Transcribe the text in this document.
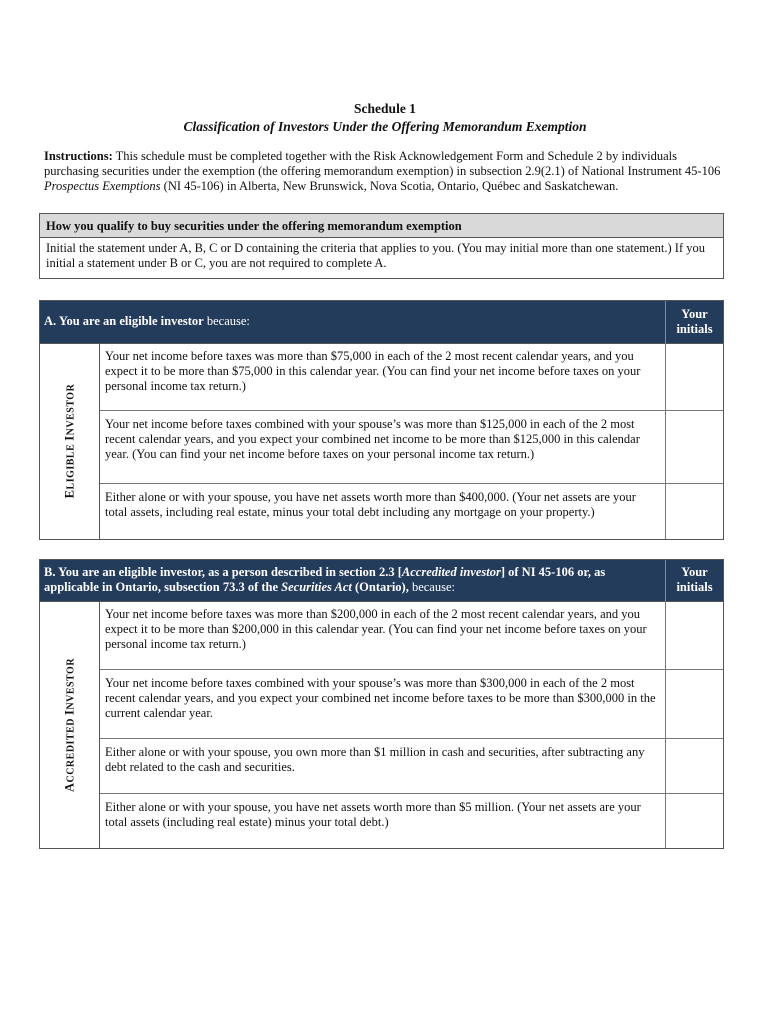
Schedule 1
Classification of Investors Under the Offering Memorandum Exemption
Instructions: This schedule must be completed together with the Risk Acknowledgement Form and Schedule 2 by individuals purchasing securities under the exemption (the offering memorandum exemption) in subsection 2.9(2.1) of National Instrument 45-106 Prospectus Exemptions (NI 45-106) in Alberta, New Brunswick, Nova Scotia, Ontario, Québec and Saskatchewan.
How you qualify to buy securities under the offering memorandum exemption
Initial the statement under A, B, C or D containing the criteria that applies to you. (You may initial more than one statement.) If you initial a statement under B or C, you are not required to complete A.
A. You are an eligible investor because:	Your initials
ELIGIBLE INVESTOR
Your net income before taxes was more than $75,000 in each of the 2 most recent calendar years, and you expect it to be more than $75,000 in this calendar year. (You can find your net income before taxes on your personal income tax return.)
Your net income before taxes combined with your spouse’s was more than $125,000 in each of the 2 most recent calendar years, and you expect your combined net income to be more than $125,000 in this calendar year. (You can find your net income before taxes on your personal income tax return.)
Either alone or with your spouse, you have net assets worth more than $400,000. (Your net assets are your total assets, including real estate, minus your total debt including any mortgage on your property.)
B. You are an eligible investor, as a person described in section 2.3 [Accredited investor] of NI 45-106 or, as applicable in Ontario, subsection 73.3 of the Securities Act (Ontario), because:
Your initials
ACCREDITED INVESTOR
Your net income before taxes was more than $200,000 in each of the 2 most recent calendar years, and you expect it to be more than $200,000 in this calendar year. (You can find your net income before taxes on your personal income tax return.)
Your net income before taxes combined with your spouse’s was more than $300,000 in each of the 2 most recent calendar years, and you expect your combined net income before taxes to be more than $300,000 in the current calendar year.
Either alone or with your spouse, you own more than $1 million in cash and securities, after subtracting any debt related to the cash and securities.
Either alone or with your spouse, you have net assets worth more than $5 million. (Your net assets are your total assets (including real estate) minus your total debt.)
